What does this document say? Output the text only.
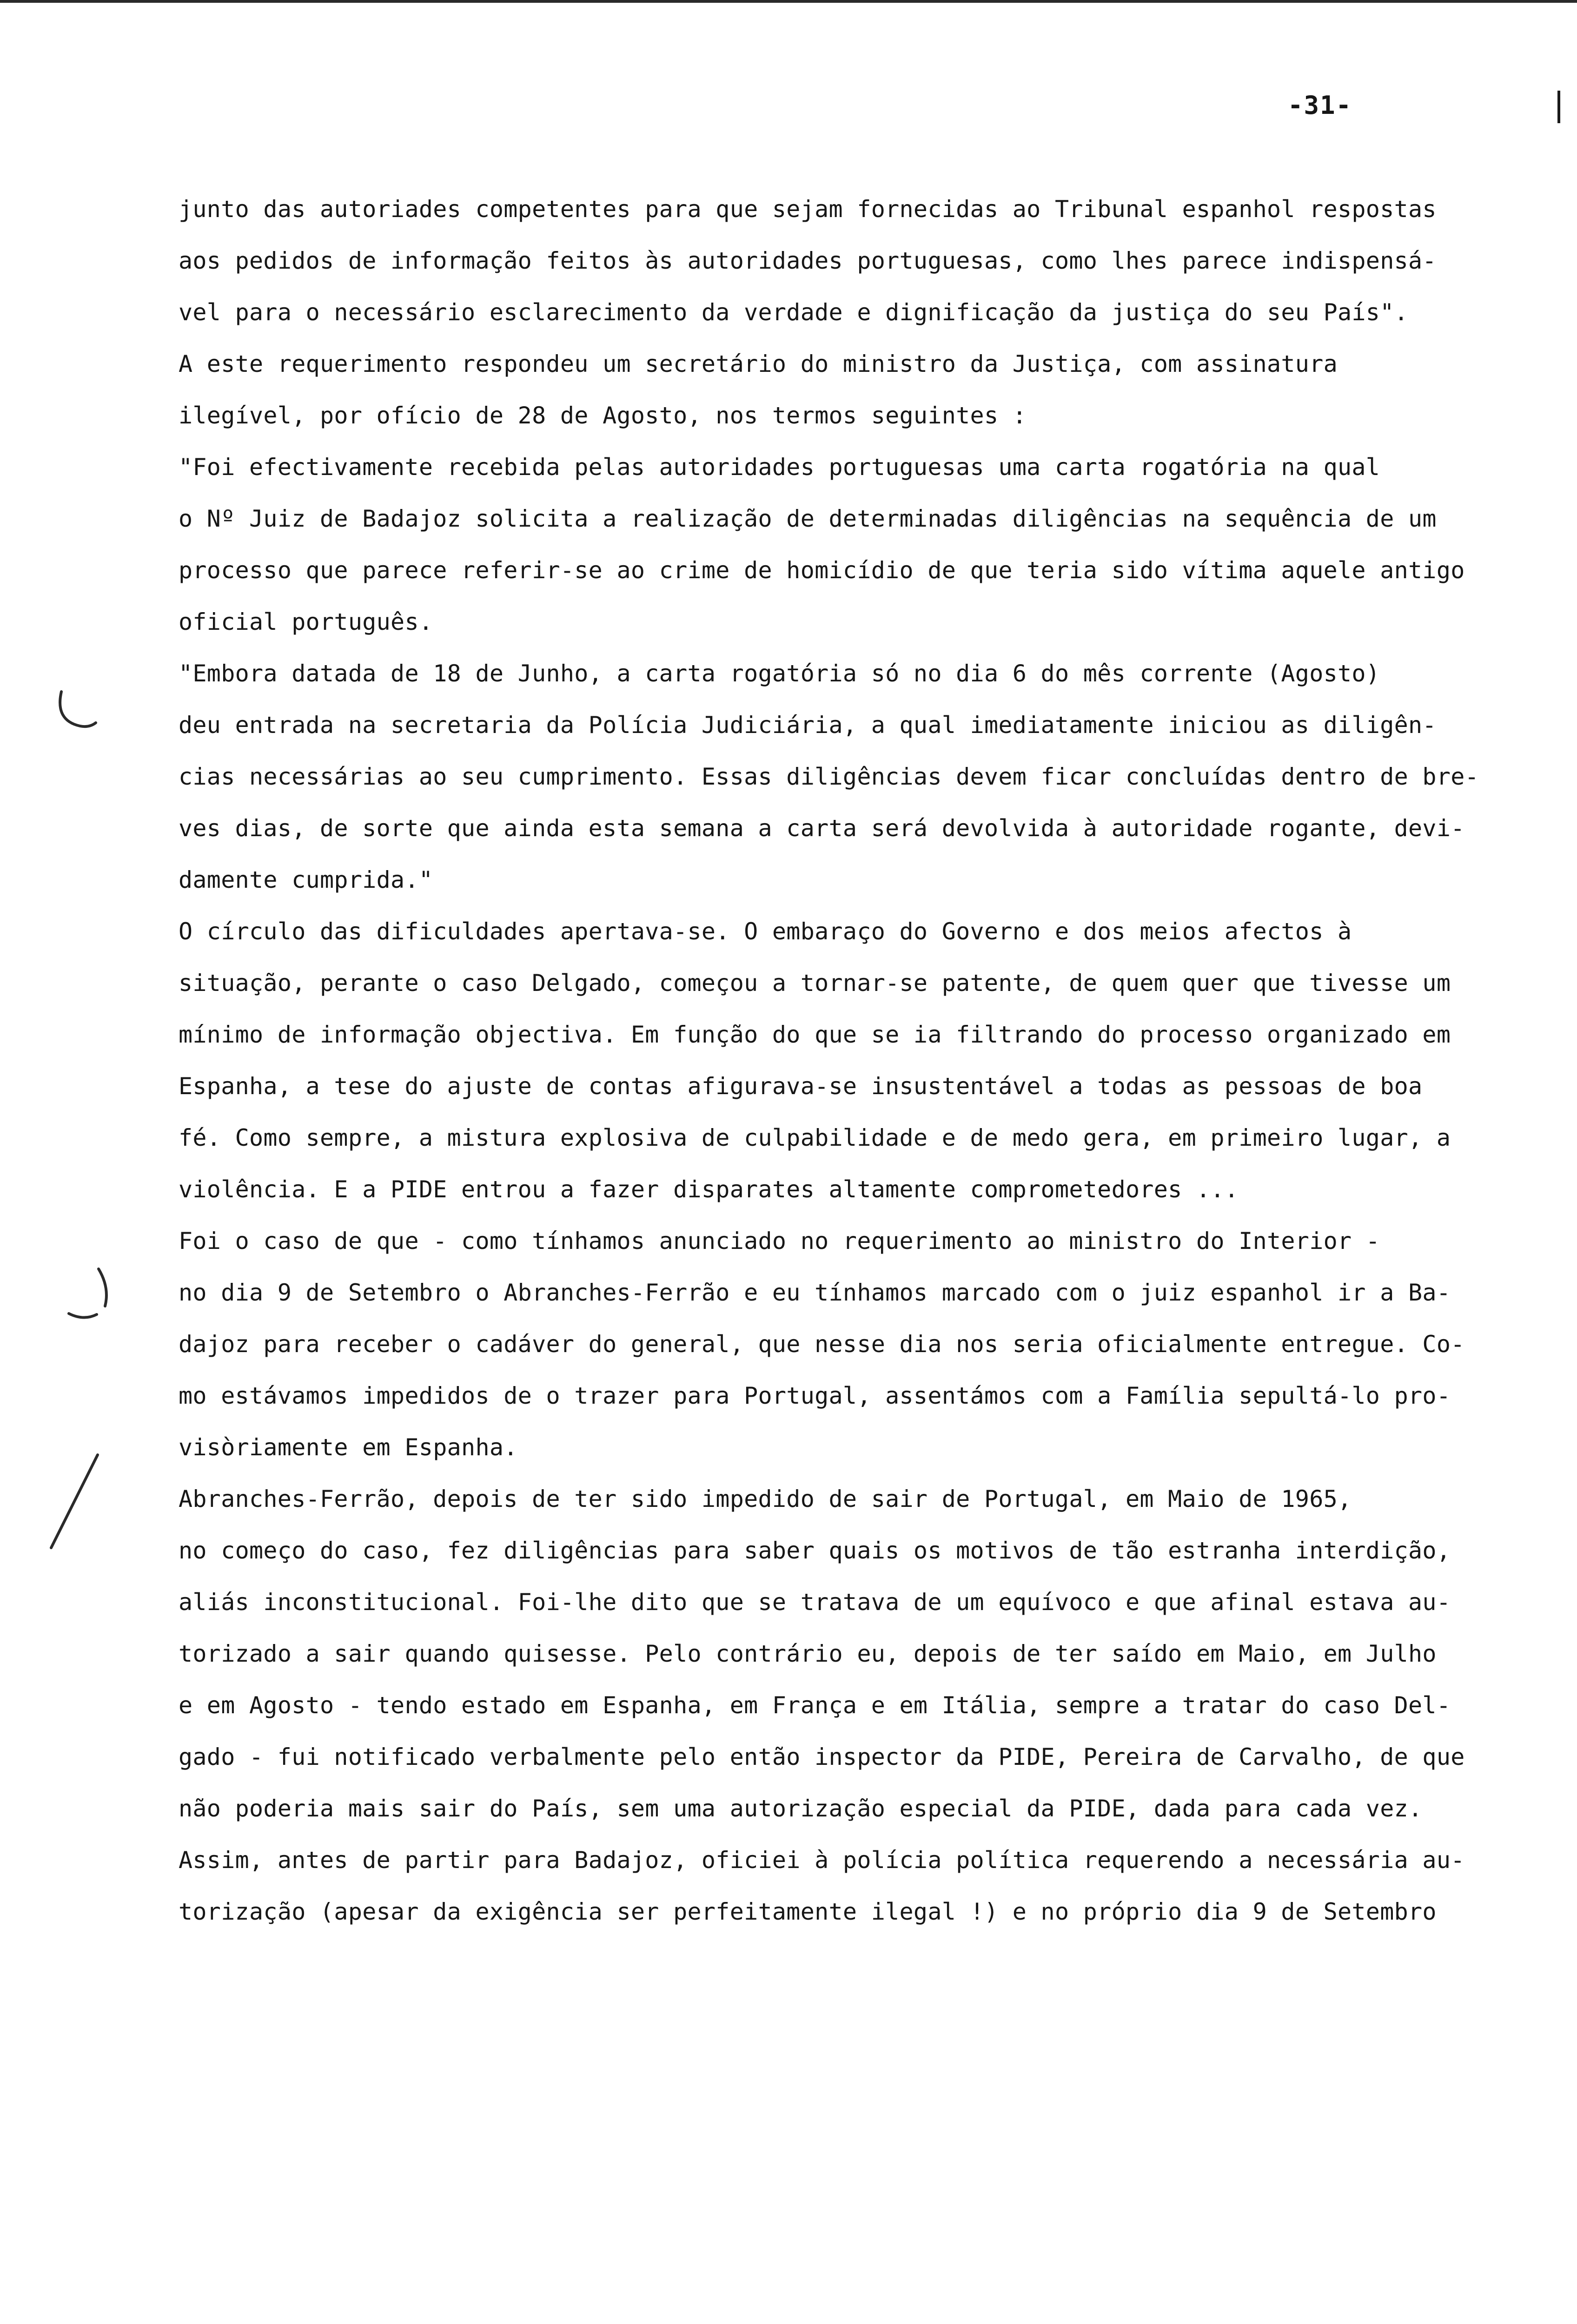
-31-
junto das autoriades competentes para que sejam fornecidas ao Tribunal espanhol respostas
aos pedidos de informação feitos às autoridades portuguesas, como lhes parece indispensá-
vel para o necessário esclarecimento da verdade e dignificação da justiça do seu País".
A este requerimento respondeu um secretário do ministro da Justiça, com assinatura
ilegível, por ofício de 28 de Agosto, nos termos seguintes :
"Foi efectivamente recebida pelas autoridades portuguesas uma carta rogatória na qual
o Nº Juiz de Badajoz solicita a realização de determinadas diligências na sequência de um
processo que parece referir-se ao crime de homicídio de que teria sido vítima aquele antigo
oficial português.
"Embora datada de 18 de Junho, a carta rogatória só no dia 6 do mês corrente (Agosto)
deu entrada na secretaria da Polícia Judiciária, a qual imediatamente iniciou as diligên-
cias necessárias ao seu cumprimento. Essas diligências devem ficar concluídas dentro de bre-
ves dias, de sorte que ainda esta semana a carta será devolvida à autoridade rogante, devi-
damente cumprida."
O círculo das dificuldades apertava-se. O embaraço do Governo e dos meios afectos à
situação, perante o caso Delgado, começou a tornar-se patente, de quem quer que tivesse um
mínimo de informação objectiva. Em função do que se ia filtrando do processo organizado em
Espanha, a tese do ajuste de contas afigurava-se insustentável a todas as pessoas de boa
fé. Como sempre, a mistura explosiva de culpabilidade e de medo gera, em primeiro lugar, a
violência. E a PIDE entrou a fazer disparates altamente comprometedores ...
Foi o caso de que - como tínhamos anunciado no requerimento ao ministro do Interior -
no dia 9 de Setembro o Abranches-Ferrão e eu tínhamos marcado com o juiz espanhol ir a Ba-
dajoz para receber o cadáver do general, que nesse dia nos seria oficialmente entregue. Co-
mo estávamos impedidos de o trazer para Portugal, assentámos com a Família sepultá-lo pro-
visòriamente em Espanha.
Abranches-Ferrão, depois de ter sido impedido de sair de Portugal, em Maio de 1965,
no começo do caso, fez diligências para saber quais os motivos de tão estranha interdição,
aliás inconstitucional. Foi-lhe dito que se tratava de um equívoco e que afinal estava au-
torizado a sair quando quisesse. Pelo contrário eu, depois de ter saído em Maio, em Julho
e em Agosto - tendo estado em Espanha, em França e em Itália, sempre a tratar do caso Del-
gado - fui notificado verbalmente pelo então inspector da PIDE, Pereira de Carvalho, de que
não poderia mais sair do País, sem uma autorização especial da PIDE, dada para cada vez.
Assim, antes de partir para Badajoz, oficiei à polícia política requerendo a necessária au-
torização (apesar da exigência ser perfeitamente ilegal !) e no próprio dia 9 de Setembro
